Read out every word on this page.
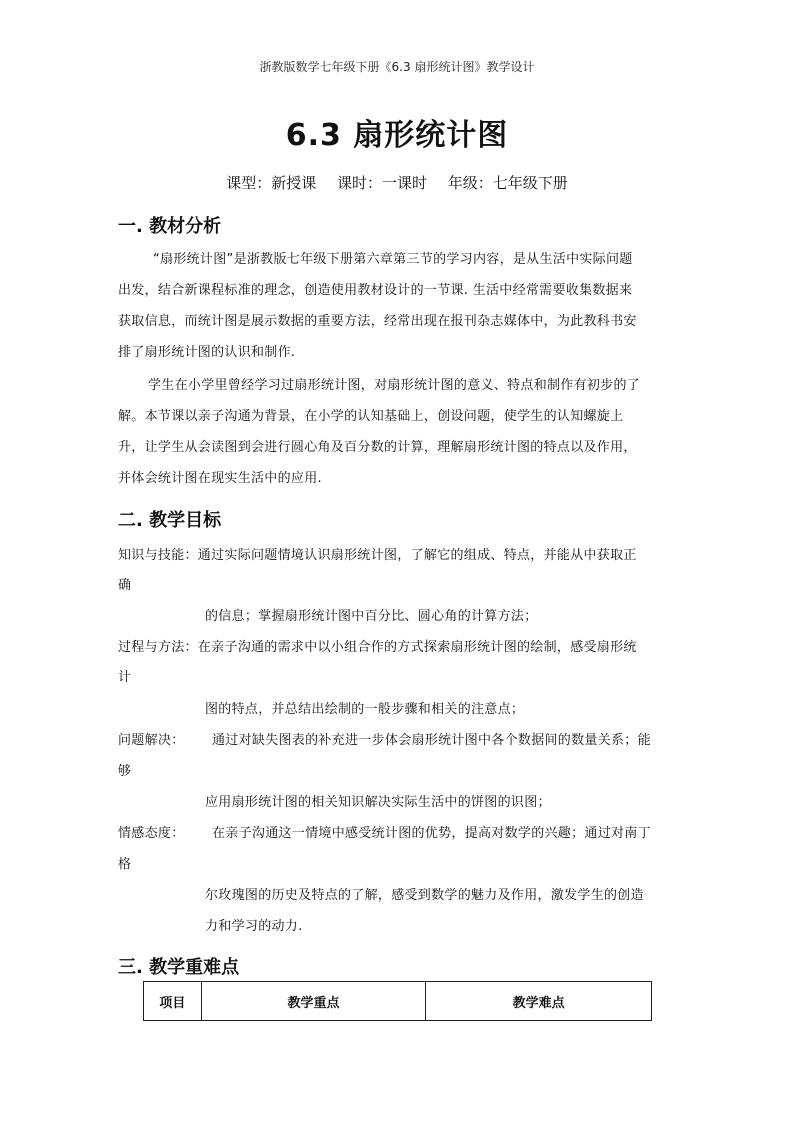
浙教版数学七年级下册《6.3 扇形统计图》教学设计
6.3 扇形统计图
课型：新授课 课时：一课时 年级：七年级下册
一. 教材分析
“扇形统计图”是浙教版七年级下册第六章第三节的学习内容，是从生活中实际问题
出发，结合新课程标准的理念，创造使用教材设计的一节课. 生活中经常需要收集数据来
获取信息，而统计图是展示数据的重要方法，经常出现在报刊杂志媒体中，为此教科书安
排了扇形统计图的认识和制作.
学生在小学里曾经学习过扇形统计图，对扇形统计图的意义、特点和制作有初步的了
解。本节课以亲子沟通为背景，在小学的认知基础上，创设问题，使学生的认知螺旋上
升，让学生从会读图到会进行圆心角及百分数的计算，理解扇形统计图的特点以及作用，
并体会统计图在现实生活中的应用.
二. 教学目标
知识与技能：通过实际问题情境认识扇形统计图，了解它的组成、特点，并能从中获取正
确
的信息；掌握扇形统计图中百分比、圆心角的计算方法；
过程与方法：在亲子沟通的需求中以小组合作的方式探索扇形统计图的绘制，感受扇形统
计
图的特点，并总结出绘制的一般步骤和相关的注意点；
问题解决： 通过对缺失图表的补充进一步体会扇形统计图中各个数据间的数量关系；能
够
应用扇形统计图的相关知识解决实际生活中的饼图的识图；
情感态度： 在亲子沟通这一情境中感受统计图的优势，提高对数学的兴趣；通过对南丁
格
尔玫瑰图的历史及特点的了解，感受到数学的魅力及作用，激发学生的创造
力和学习的动力.
三. 教学重难点
项目	教学重点	教学难点
